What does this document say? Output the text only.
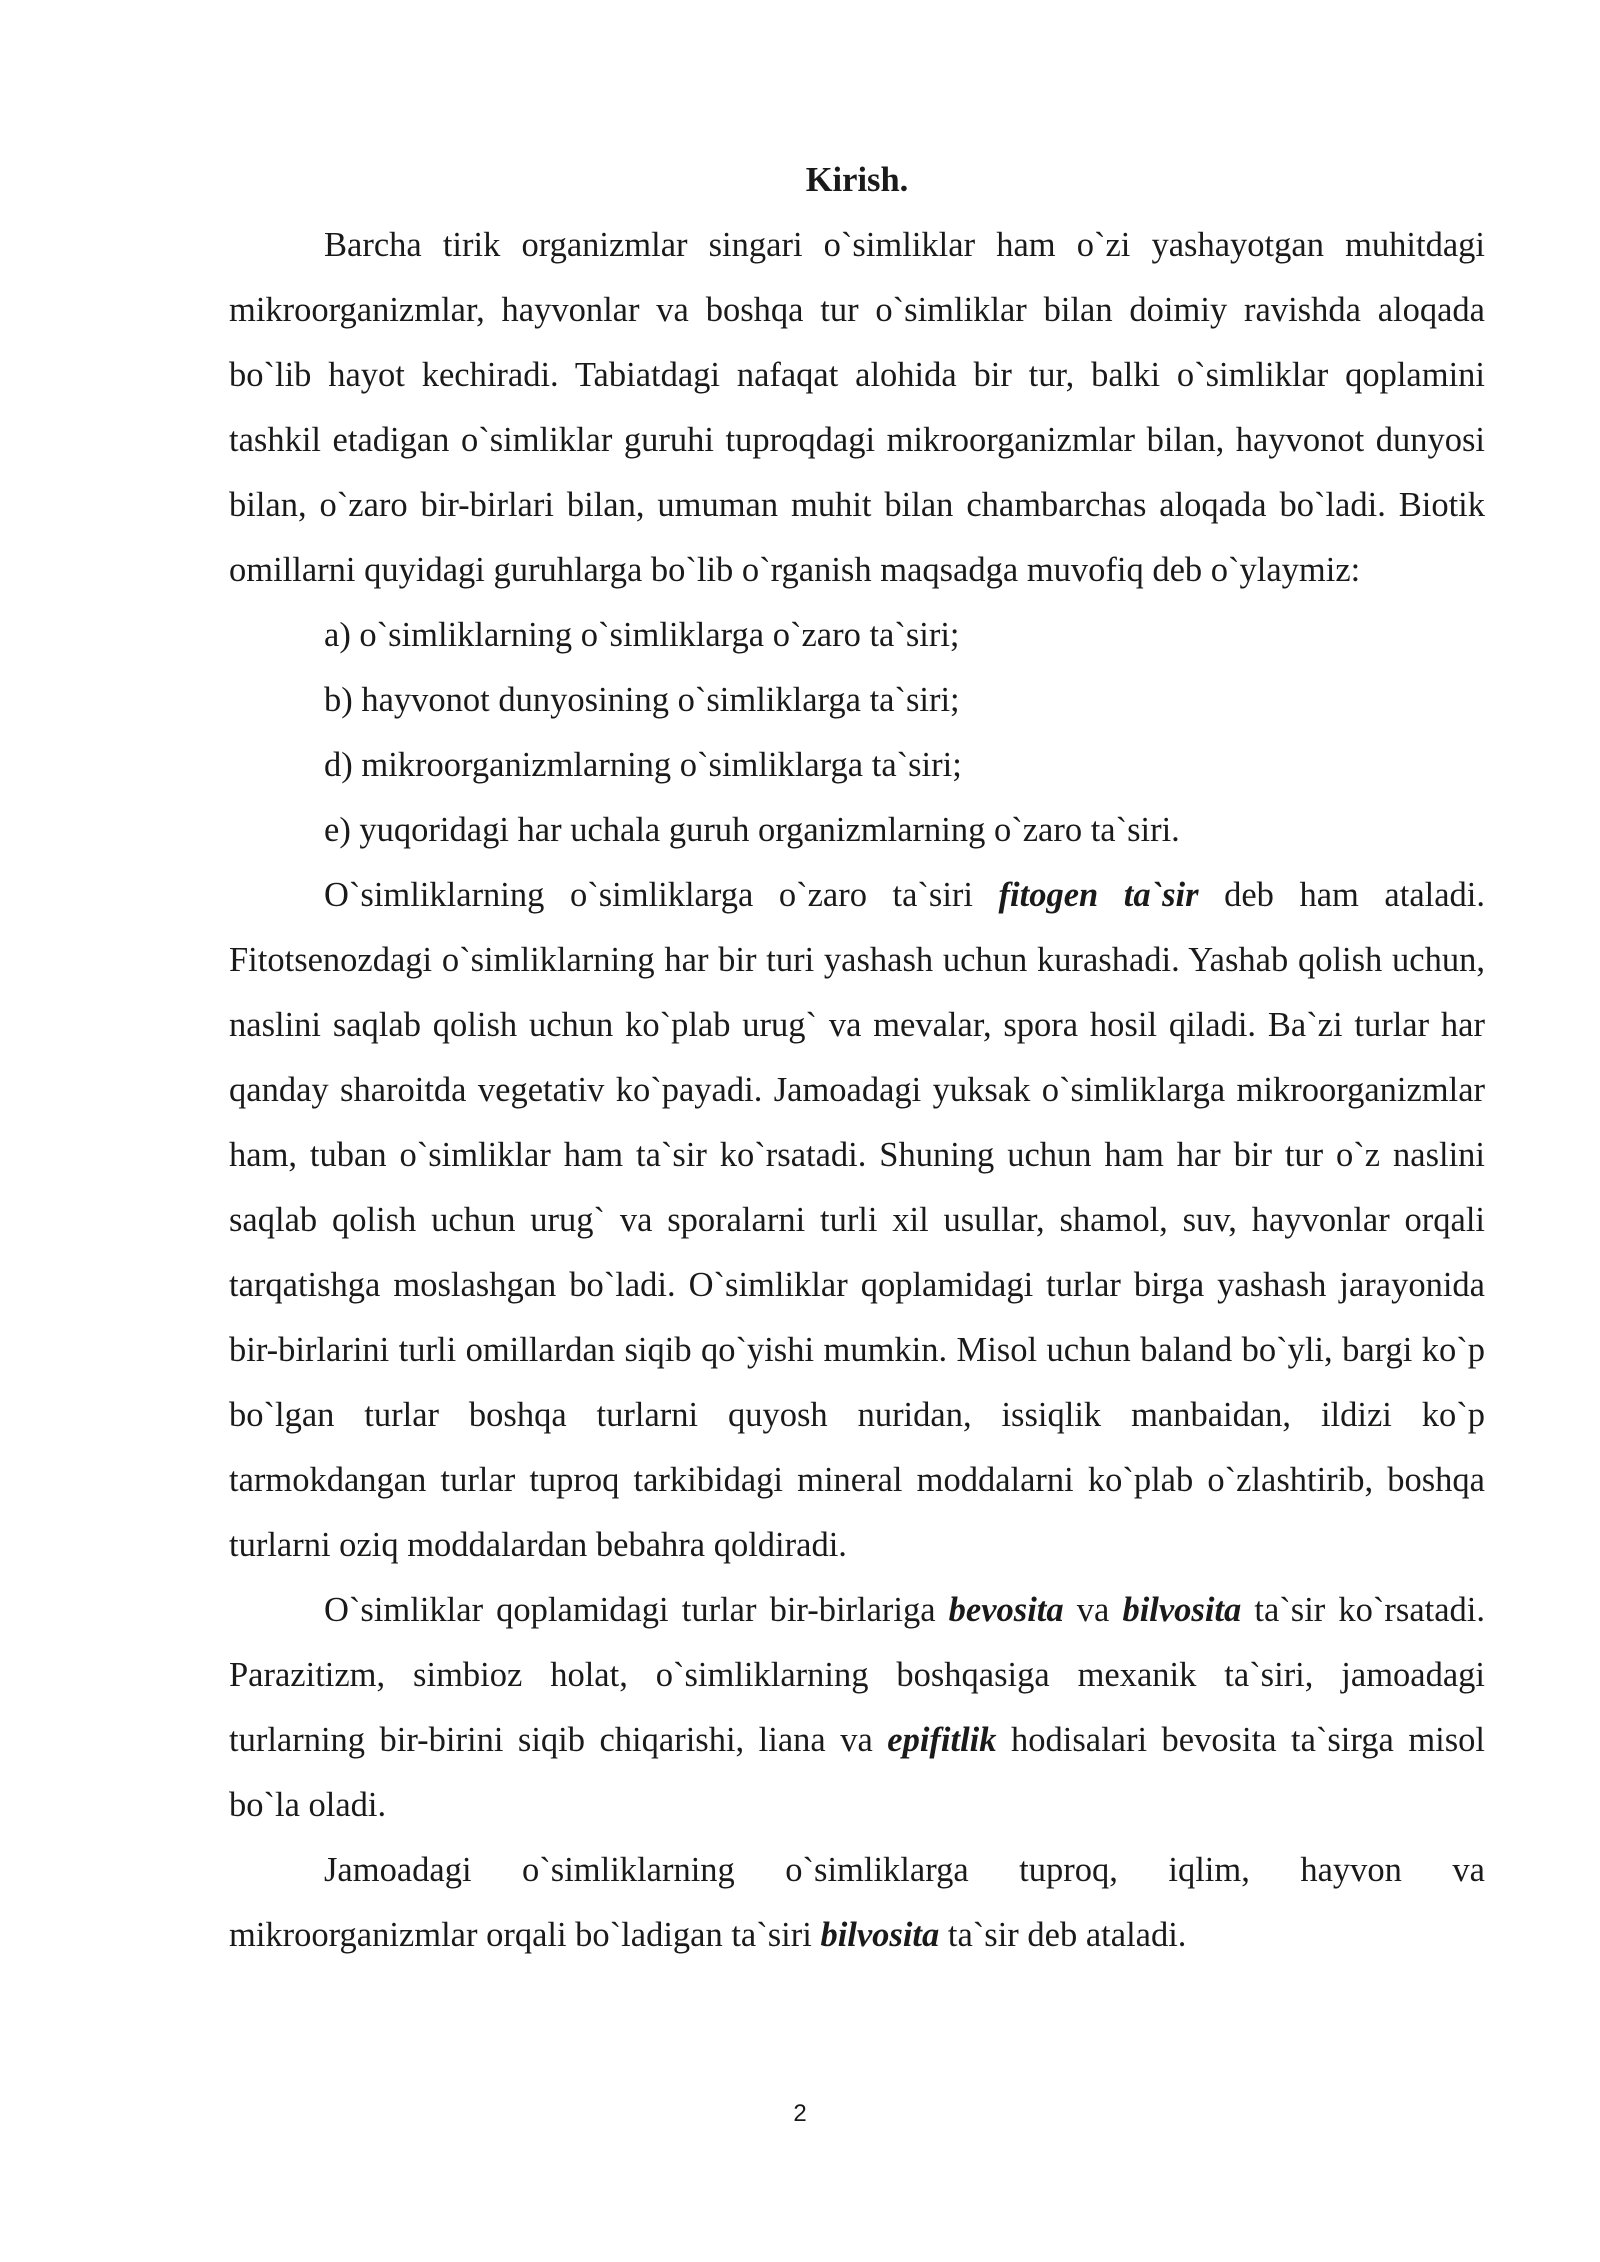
Kirish.

Barcha tirik organizmlar singari o`simliklar ham o`zi yashayotgan muhitdagi mikroorganizmlar, hayvonlar va boshqa tur o`simliklar bilan doimiy ravishda aloqada bo`lib hayot kechiradi. Tabiatdagi nafaqat alohida bir tur, balki o`simliklar qoplamini tashkil etadigan o`simliklar guruhi tuproqdagi mikroorganizmlar bilan, hayvonot dunyosi bilan, o`zaro bir-birlari bilan, umuman muhit bilan chambarchas aloqada bo`ladi. Biotik omillarni quyidagi guruhlarga bo`lib o`rganish maqsadga muvofiq deb o`ylaymiz:

a) o`simliklarning o`simliklarga o`zaro ta`siri;

b) hayvonot dunyosining o`simliklarga ta`siri;

d) mikroorganizmlarning o`simliklarga ta`siri;

e) yuqoridagi har uchala guruh organizmlarning o`zaro ta`siri.

O`simliklarning o`simliklarga o`zaro ta`siri fitogen ta`sir deb ham ataladi. Fitotsenozdagi o`simliklarning har bir turi yashash uchun kurashadi. Yashab qolish uchun, naslini saqlab qolish uchun ko`plab urug` va mevalar, spora hosil qiladi. Ba`zi turlar har qanday sharoitda vegetativ ko`payadi. Jamoadagi yuksak o`simliklarga mikroorganizmlar ham, tuban o`simliklar ham ta`sir ko`rsatadi. Shuning uchun ham har bir tur o`z naslini saqlab qolish uchun urug` va sporalarni turli xil usullar, shamol, suv, hayvonlar orqali tarqatishga moslashgan bo`ladi. O`simliklar qoplamidagi turlar birga yashash jarayonida bir-birlarini turli omillardan siqib qo`yishi mumkin. Misol uchun baland bo`yli, bargi ko`p bo`lgan turlar boshqa turlarni quyosh nuridan, issiqlik manbaidan, ildizi ko`p tarmokdangan turlar tuproq tarkibidagi mineral moddalarni ko`plab o`zlashtirib, boshqa turlarni oziq moddalardan bebahra qoldiradi.

O`simliklar qoplamidagi turlar bir-birlariga bevosita va bilvosita ta`sir ko`rsatadi. Parazitizm, simbioz holat, o`simliklarning boshqasiga mexanik ta`siri, jamoadagi turlarning bir-birini siqib chiqarishi, liana va epifitlik hodisalari bevosita ta`sirga misol bo`la oladi.

Jamoadagi o`simliklarning o`simliklarga tuproq, iqlim, hayvon va mikroorganizmlar orqali bo`ladigan ta`siri bilvosita ta`sir deb ataladi.

2
